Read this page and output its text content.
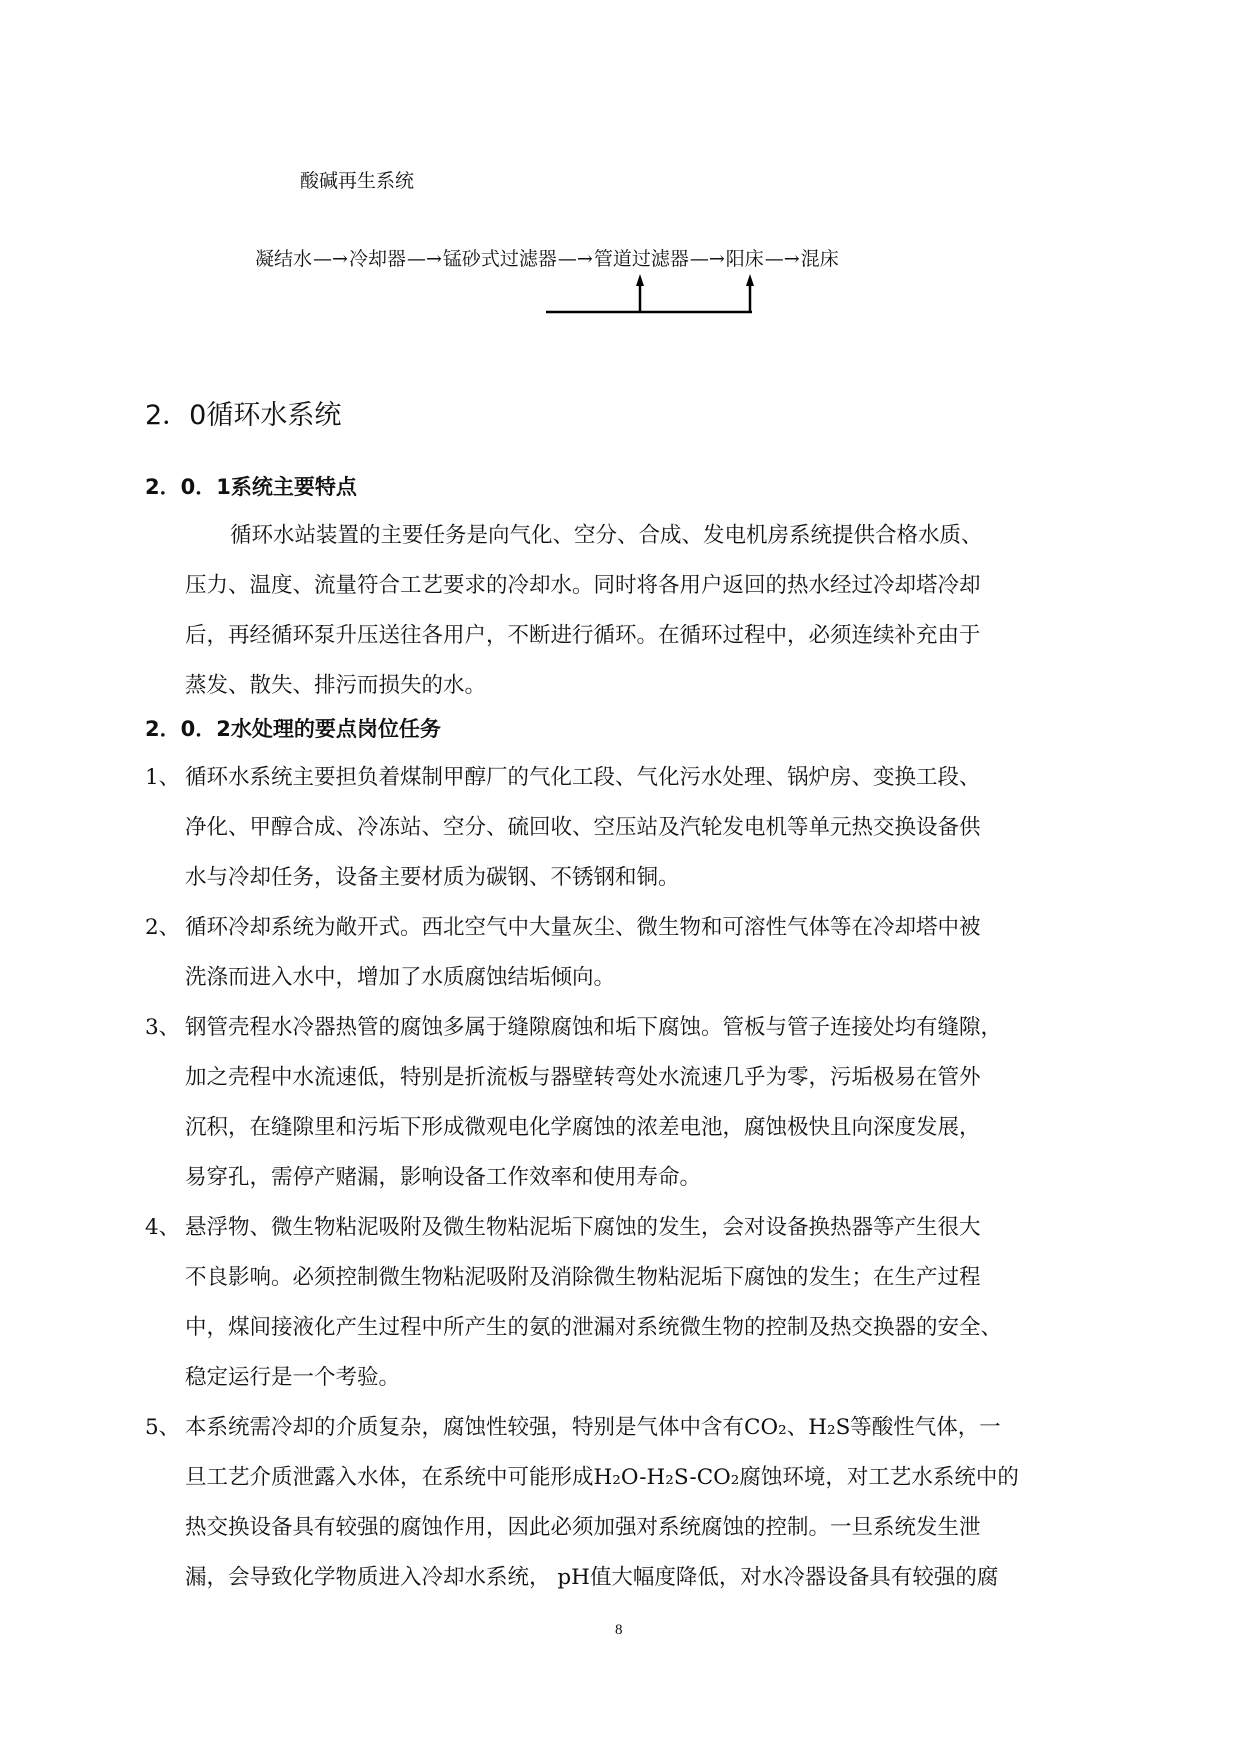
酸碱再生系统
凝结水—→冷却器—→锰砂式过滤器—→管道过滤器—→阳床—→混床
2．0循环水系统
2．0．1系统主要特点
循环水站装置的主要任务是向气化、空分、合成、发电机房系统提供合格水质、
压力、温度、流量符合工艺要求的冷却水。同时将各用户返回的热水经过冷却塔冷却
后，再经循环泵升压送往各用户，不断进行循环。在循环过程中，必须连续补充由于
蒸发、散失、排污而损失的水。
2．0．2水处理的要点岗位任务
1、 循环水系统主要担负着煤制甲醇厂的气化工段、气化污水处理、锅炉房、变换工段、
净化、甲醇合成、冷冻站、空分、硫回收、空压站及汽轮发电机等单元热交换设备供
水与冷却任务，设备主要材质为碳钢、不锈钢和铜。
2、 循环冷却系统为敞开式。西北空气中大量灰尘、微生物和可溶性气体等在冷却塔中被
洗涤而进入水中，增加了水质腐蚀结垢倾向。
3、 钢管壳程水冷器热管的腐蚀多属于缝隙腐蚀和垢下腐蚀。管板与管子连接处均有缝隙，
加之壳程中水流速低，特别是折流板与器壁转弯处水流速几乎为零，污垢极易在管外
沉积，在缝隙里和污垢下形成微观电化学腐蚀的浓差电池，腐蚀极快且向深度发展，
易穿孔，需停产赌漏，影响设备工作效率和使用寿命。
4、 悬浮物、微生物粘泥吸附及微生物粘泥垢下腐蚀的发生，会对设备换热器等产生很大
不良影响。必须控制微生物粘泥吸附及消除微生物粘泥垢下腐蚀的发生；在生产过程
中，煤间接液化产生过程中所产生的氨的泄漏对系统微生物的控制及热交换器的安全、
稳定运行是一个考验。
5、 本系统需冷却的介质复杂，腐蚀性较强，特别是气体中含有CO₂、H₂S等酸性气体，一
旦工艺介质泄露入水体，在系统中可能形成H₂O-H₂S-CO₂腐蚀环境，对工艺水系统中的
热交换设备具有较强的腐蚀作用，因此必须加强对系统腐蚀的控制。一旦系统发生泄
漏，会导致化学物质进入冷却水系统， pH值大幅度降低，对水冷器设备具有较强的腐
8
